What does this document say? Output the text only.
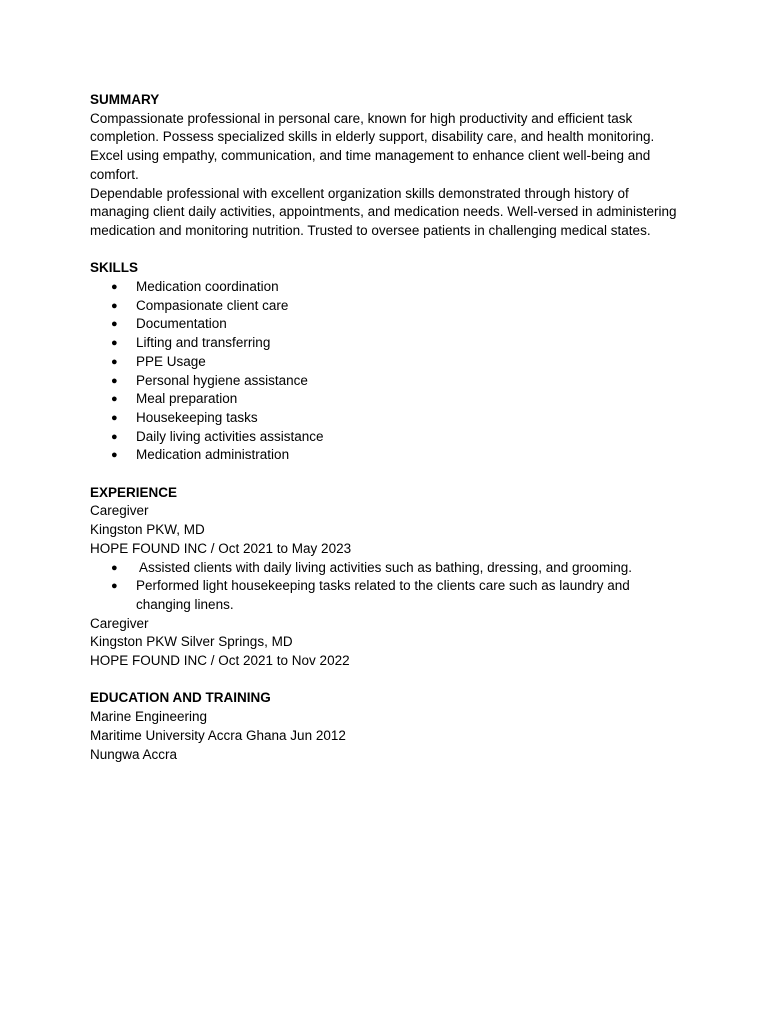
SUMMARY

Compassionate professional in personal care, known for high productivity and efficient task completion. Possess specialized skills in elderly support, disability care, and health monitoring. Excel using empathy, communication, and time management to enhance client well-being and comfort.

Dependable professional with excellent organization skills demonstrated through history of managing client daily activities, appointments, and medication needs. Well-versed in administering medication and monitoring nutrition. Trusted to oversee patients in challenging medical states.

SKILLS

● Medication coordination
● Compasionate client care
● Documentation
● Lifting and transferring
● PPE Usage
● Personal hygiene assistance
● Meal preparation
● Housekeeping tasks
● Daily living activities assistance
● Medication administration

EXPERIENCE

Caregiver

Kingston PKW, MD

HOPE FOUND INC / Oct 2021 to May 2023

● Assisted clients with daily living activities such as bathing, dressing, and grooming.
● Performed light housekeeping tasks related to the clients care such as laundry and changing linens.

Caregiver

Kingston PKW Silver Springs, MD

HOPE FOUND INC / Oct 2021 to Nov 2022

EDUCATION AND TRAINING

Marine Engineering

Maritime University Accra Ghana Jun 2012

Nungwa Accra
